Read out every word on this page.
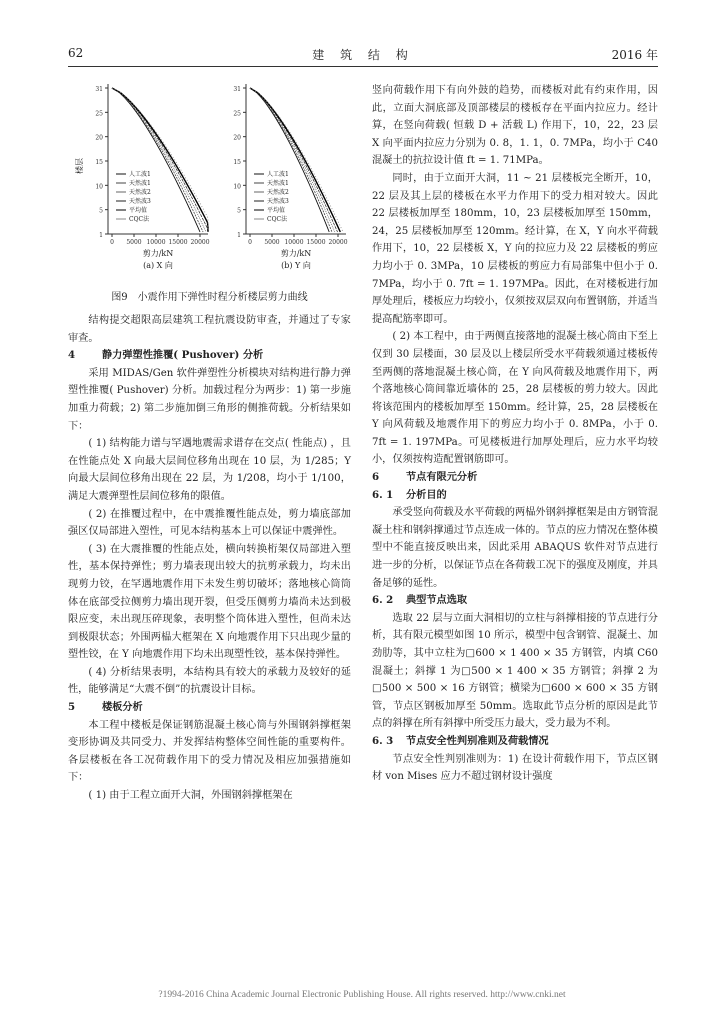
62	建 筑 结 构	2016 年
31
25
20
15
10
5
1
0 5000 10000 15000 20000
剪力/kN
(a) X 向
楼层
人工波1
天然波1
天然波2
天然波3
平均值
CQC法
31
25
20
15
10
5
1
0 5000 10000 15000 20000
剪力/kN
(b) Y 向
人工波1
天然波1
天然波2
天然波3
平均值
CQC法
图9　小震作用下弹性时程分析楼层剪力曲线

结构提交超限高层建筑工程抗震设防审查，并通过了专家审查。

4	静力弹塑性推覆( Pushover) 分析

采用 MIDAS/Gen 软件弹塑性分析模块对结构进行静力弹塑性推覆( Pushover) 分析。加载过程分为两步：1) 第一步施加重力荷载；2) 第二步施加倒三角形的侧推荷载。分析结果如下：

( 1) 结构能力谱与罕遇地震需求谱存在交点( 性能点) ，且在性能点处 X 向最大层间位移角出现在 10 层，为 1/285；Y 向最大层间位移角出现在 22 层，为 1/208，均小于 1/100，满足大震弹塑性层间位移角的限值。

( 2) 在推覆过程中，在中震推覆性能点处，剪力墙底部加强区仅局部进入塑性，可见本结构基本上可以保证中震弹性。

( 3) 在大震推覆的性能点处，横向转换桁架仅局部进入塑性，基本保持弹性；剪力墙表现出较大的抗剪承载力，均未出现剪力铰，在罕遇地震作用下未发生剪切破坏；落地核心筒筒体在底部受拉侧剪力墙出现开裂，但受压侧剪力墙尚未达到极限应变，未出现压碎现象，表明整个筒体进入塑性，但尚未达到极限状态；外围两榀大框架在 X 向地震作用下只出现少量的塑性铰，在 Y 向地震作用下均未出现塑性铰，基本保持弹性。

( 4) 分析结果表明，本结构具有较大的承载力及较好的延性，能够满足“大震不倒”的抗震设计目标。

5	楼板分析

本工程中楼板是保证钢筋混凝土核心筒与外围钢斜撑框架变形协调及共同受力、并发挥结构整体空间性能的重要构件。各层楼板在各工况荷载作用下的受力情况及相应加强措施如下：

( 1) 由于工程立面开大洞，外围钢斜撑框架在

竖向荷载作用下有向外鼓的趋势，而楼板对此有约束作用，因此，立面大洞底部及顶部楼层的楼板存在平面内拉应力。经计算，在竖向荷载( 恒载 D + 活载 L) 作用下，10，22，23 层 X 向平面内拉应力分别为 0. 8，1. 1，0. 7MPa，均小于 C40 混凝土的抗拉设计值 ft = 1. 71MPa。

同时，由于立面开大洞，11 ~ 21 层楼板完全断开，10，22 层及其上层的楼板在水平力作用下的受力相对较大。因此 22 层楼板加厚至 180mm，10，23 层楼板加厚至 150mm，24，25 层楼板加厚至 120mm。经计算，在 X，Y 向水平荷载作用下，10，22 层楼板 X，Y 向的拉应力及 22 层楼板的剪应力均小于 0. 3MPa，10 层楼板的剪应力有局部集中但小于 0. 7MPa，均小于 0. 7ft = 1. 197MPa。因此，在对楼板进行加厚处理后，楼板应力均较小，仅须按双层双向布置钢筋，并适当提高配筋率即可。

( 2) 本工程中，由于两侧直接落地的混凝土核心筒由下至上仅到 30 层楼面，30 层及以上楼层所受水平荷载须通过楼板传至两侧的落地混凝土核心筒，在 Y 向风荷载及地震作用下，两个落地核心筒间靠近墙体的 25，28 层楼板的剪力较大。因此将该范围内的楼板加厚至 150mm。经计算，25，28 层楼板在 Y 向风荷载及地震作用下的剪应力均小于 0. 8MPa，小于 0. 7ft = 1. 197MPa。可见楼板进行加厚处理后，应力水平均较小，仅须按构造配置钢筋即可。

6	节点有限元分析

6. 1 分析目的

承受竖向荷载及水平荷载的两榀外钢斜撑框架是由方钢管混凝土柱和钢斜撑通过节点连成一体的。节点的应力情况在整体模型中不能直接反映出来，因此采用 ABAQUS 软件对节点进行进一步的分析，以保证节点在各荷载工况下的强度及刚度，并具备足够的延性。

6. 2 典型节点选取

选取 22 层与立面大洞相切的立柱与斜撑相接的节点进行分析，其有限元模型如图 10 所示，模型中包含钢管、混凝土、加劲肋等，其中立柱为□600 × 1 400 × 35 方钢管，内填 C60 混凝土；斜撑 1 为□500 × 1 400 × 35 方钢管；斜撑 2 为□500 × 500 × 16 方钢管；横梁为□600 × 600 × 35 方钢管，节点区钢板加厚至 50mm。选取此节点分析的原因是此节点的斜撑在所有斜撑中所受压力最大，受力最为不利。

6. 3 节点安全性判别准则及荷载情况

节点安全性判别准则为：1) 在设计荷载作用下，节点区钢材 von Mises 应力不超过钢材设计强度

?1994-2016 China Academic Journal Electronic Publishing House. All rights reserved. http://www.cnki.net
